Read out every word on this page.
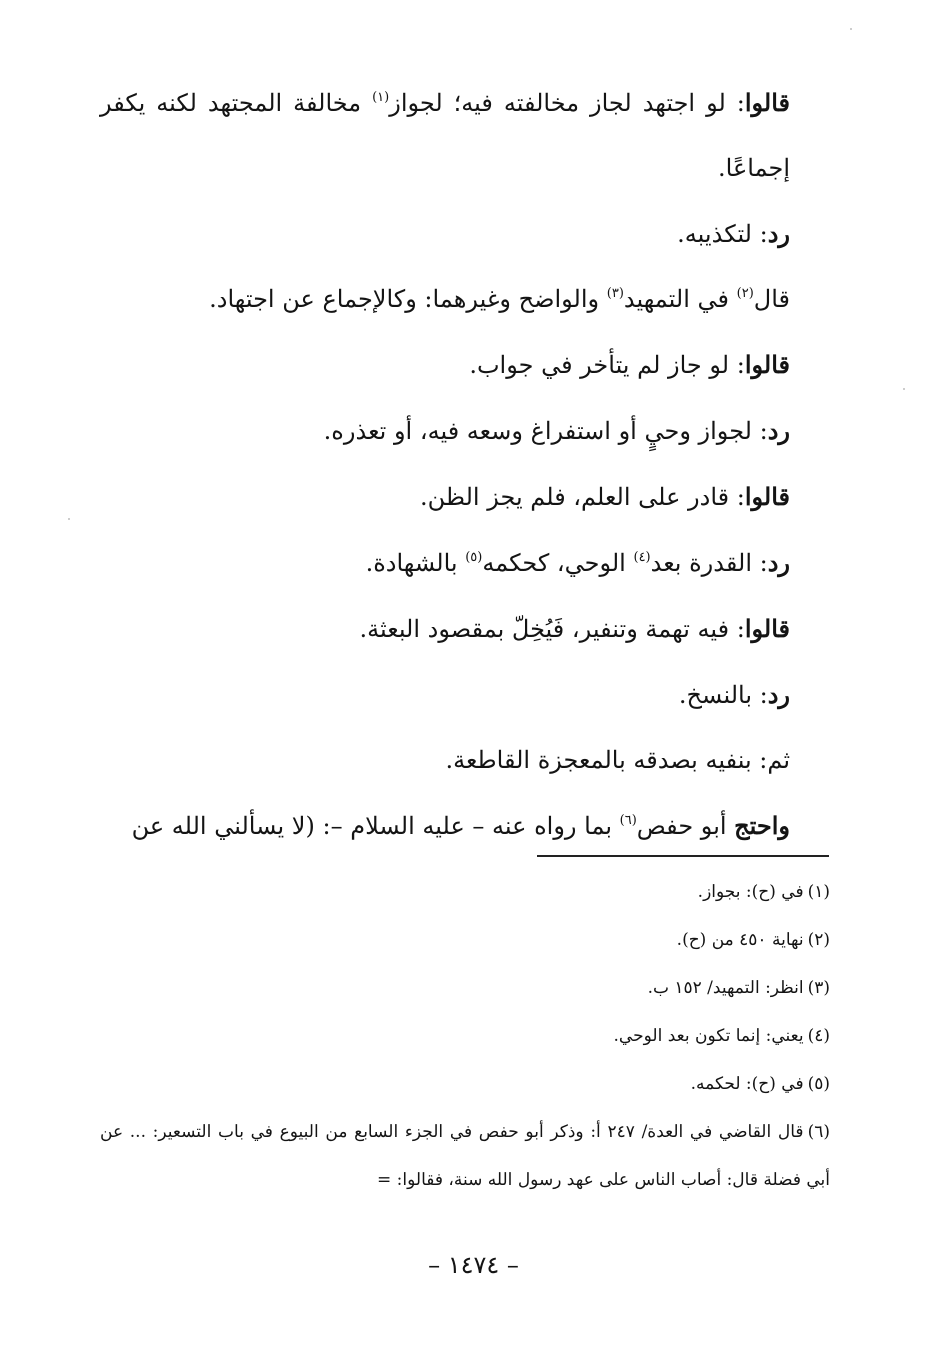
قالوا: لو اجتهد لجاز مخالفته فيه؛ لجواز$^{(١)}$ مخالفة المجتهد لكنه يكفر إجماعًا.

رد: لتكذيبه.

قال$^{(٢)}$ في التمهيد$^{(٣)}$ والواضح وغيرهما: وكالإجماع عن اجتهاد.

قالوا: لو جاز لم يتأخر في جواب.

رد: لجواز وحيٍ أو استفراغ وسعه فيه، أو تعذره.

قالوا: قادر على العلم، فلم يجز الظن.

رد: القدرة بعد$^{(٤)}$ الوحي، كحكمه$^{(٥)}$ بالشهادة.

قالوا: فيه تهمة وتنفير، فَيُخِلّ بمقصود البعثة.

رد: بالنسخ.

ثم: بنفيه بصدقه بالمعجزة القاطعة.

واحتج أبو حفص$^{(٦)}$ بما رواه عنه – عليه السلام –: (لا يسألني الله عن

(١)في (ح): بجواز.

(٢)نهاية ٤٥٠ من (ح).

(٣)انظر: التمهيد/ ١٥٢ ب.

(٤)يعني: إنما تكون بعد الوحي.

(٥)في (ح): لحكمه.

(٦)قال القاضي في العدة/ ٢٤٧ أ: وذكر أبو حفص في الجزء السابع من البيوع في باب التسعير: ... عن أبي فضلة قال: أصاب الناس على عهد رسول الله سنة، فقالوا: =

– ١٤٧٤ –
